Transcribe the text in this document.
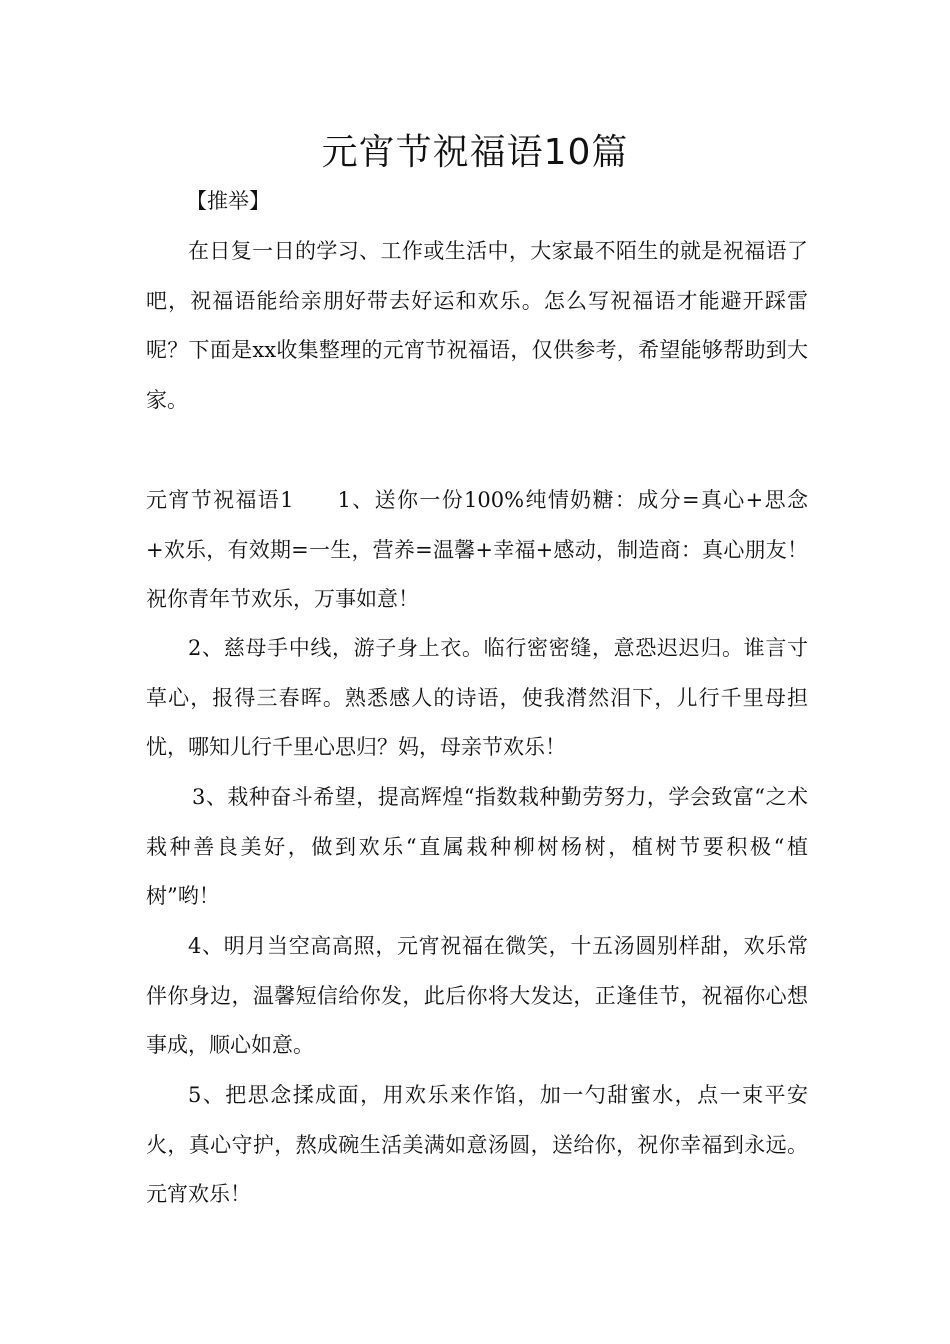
元宵节祝福语10篇
【推举】

在日复一日的学习、工作或生活中，大家最不陌生的就是祝福语了吧，祝福语能给亲朋好带去好运和欢乐。怎么写祝福语才能避开踩雷呢？下面是xx收集整理的元宵节祝福语，仅供参考，希望能够帮助到大家。

元宵节祝福语1 1、送你一份100%纯情奶糖：成分=真心+思念+欢乐，有效期=一生，营养=温馨+幸福+感动，制造商：真心朋友！祝你青年节欢乐，万事如意！

2、慈母手中线，游子身上衣。临行密密缝，意恐迟迟归。谁言寸草心，报得三春晖。熟悉感人的诗语，使我潸然泪下，儿行千里母担忧，哪知儿行千里心思归？妈，母亲节欢乐！

3、栽种奋斗希望，提高辉煌“指数栽种勤劳努力，学会致富“之术栽种善良美好，做到欢乐“直属栽种柳树杨树，植树节要积极“植树”哟！

4、明月当空高高照，元宵祝福在微笑，十五汤圆别样甜，欢乐常伴你身边，温馨短信给你发，此后你将大发达，正逢佳节，祝福你心想事成，顺心如意。

5、把思念揉成面，用欢乐来作馅，加一勺甜蜜水，点一束平安火，真心守护，熬成碗生活美满如意汤圆，送给你，祝你幸福到永远。元宵欢乐！
